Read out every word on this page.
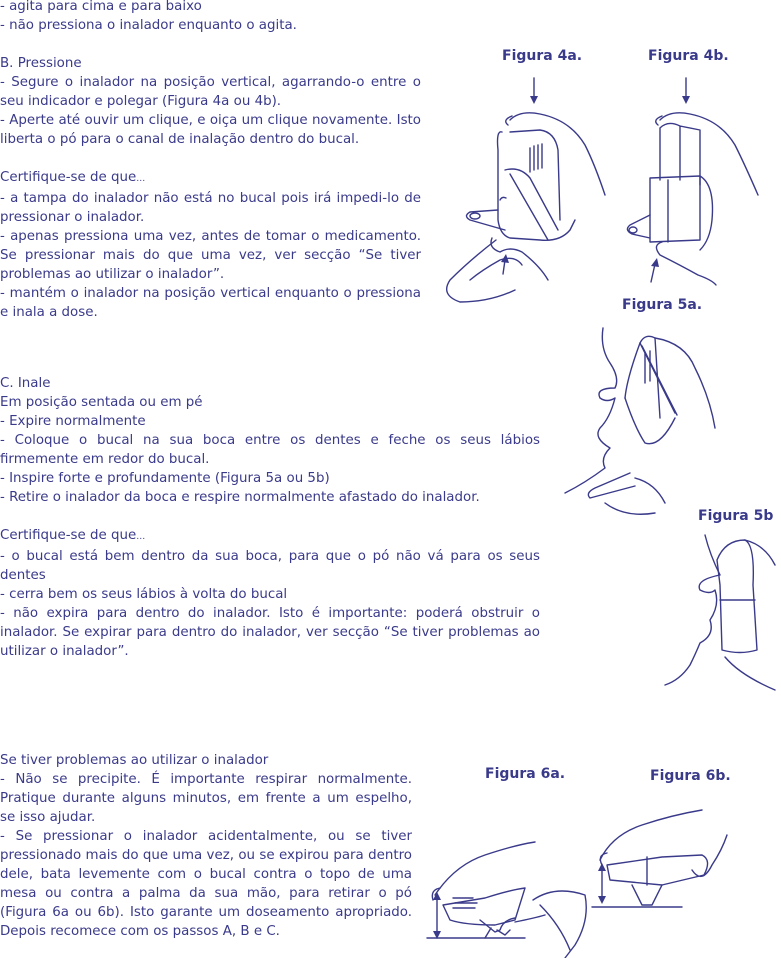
- agita para cima e para baixo
- não pressiona o inalador enquanto o agita.

B. Pressione

- Segure o inalador na posição vertical, agarrando-o entre o seu indicador e polegar (Figura 4a ou 4b).

- Aperte até ouvir um clique, e oiça um clique novamente. Isto liberta o pó para o canal de inalação dentro do bucal.

Certifique-se de que…

- a tampa do inalador não está no bucal pois irá impedi-lo de pressionar o inalador.

- apenas pressiona uma vez, antes de tomar o medicamento. Se pressionar mais do que uma vez, ver secção “Se tiver problemas ao utilizar o inalador”.

- mantém o inalador na posição vertical enquanto o pressiona e inala a dose.

C. Inale

Em posição sentada ou em pé

- Expire normalmente

- Coloque o bucal na sua boca entre os dentes e feche os seus lábios firmemente em redor do bucal.

- Inspire forte e profundamente (Figura 5a ou 5b)

- Retire o inalador da boca e respire normalmente afastado do inalador.

Certifique-se de que…

- o bucal está bem dentro da sua boca, para que o pó não vá para os seus dentes

- cerra bem os seus lábios à volta do bucal

- não expira para dentro do inalador. Isto é importante: poderá obstruir o inalador. Se expirar para dentro do inalador, ver secção “Se tiver problemas ao utilizar o inalador”.

Se tiver problemas ao utilizar o inalador

- Não se precipite. É importante respirar normalmente. Pratique durante alguns minutos, em frente a um espelho, se isso ajudar.

- Se pressionar o inalador acidentalmente, ou se tiver pressionado mais do que uma vez, ou se expirou para dentro dele, bata levemente com o bucal contra o topo de uma mesa ou contra a palma da sua mão, para retirar o pó (Figura 6a ou 6b). Isto garante um doseamento apropriado. Depois recomece com os passos A, B e C.

Figura 4a.	Figura 4b.
Figura 5a.
Figura 5b
Figura 6a.	Figura 6b.
